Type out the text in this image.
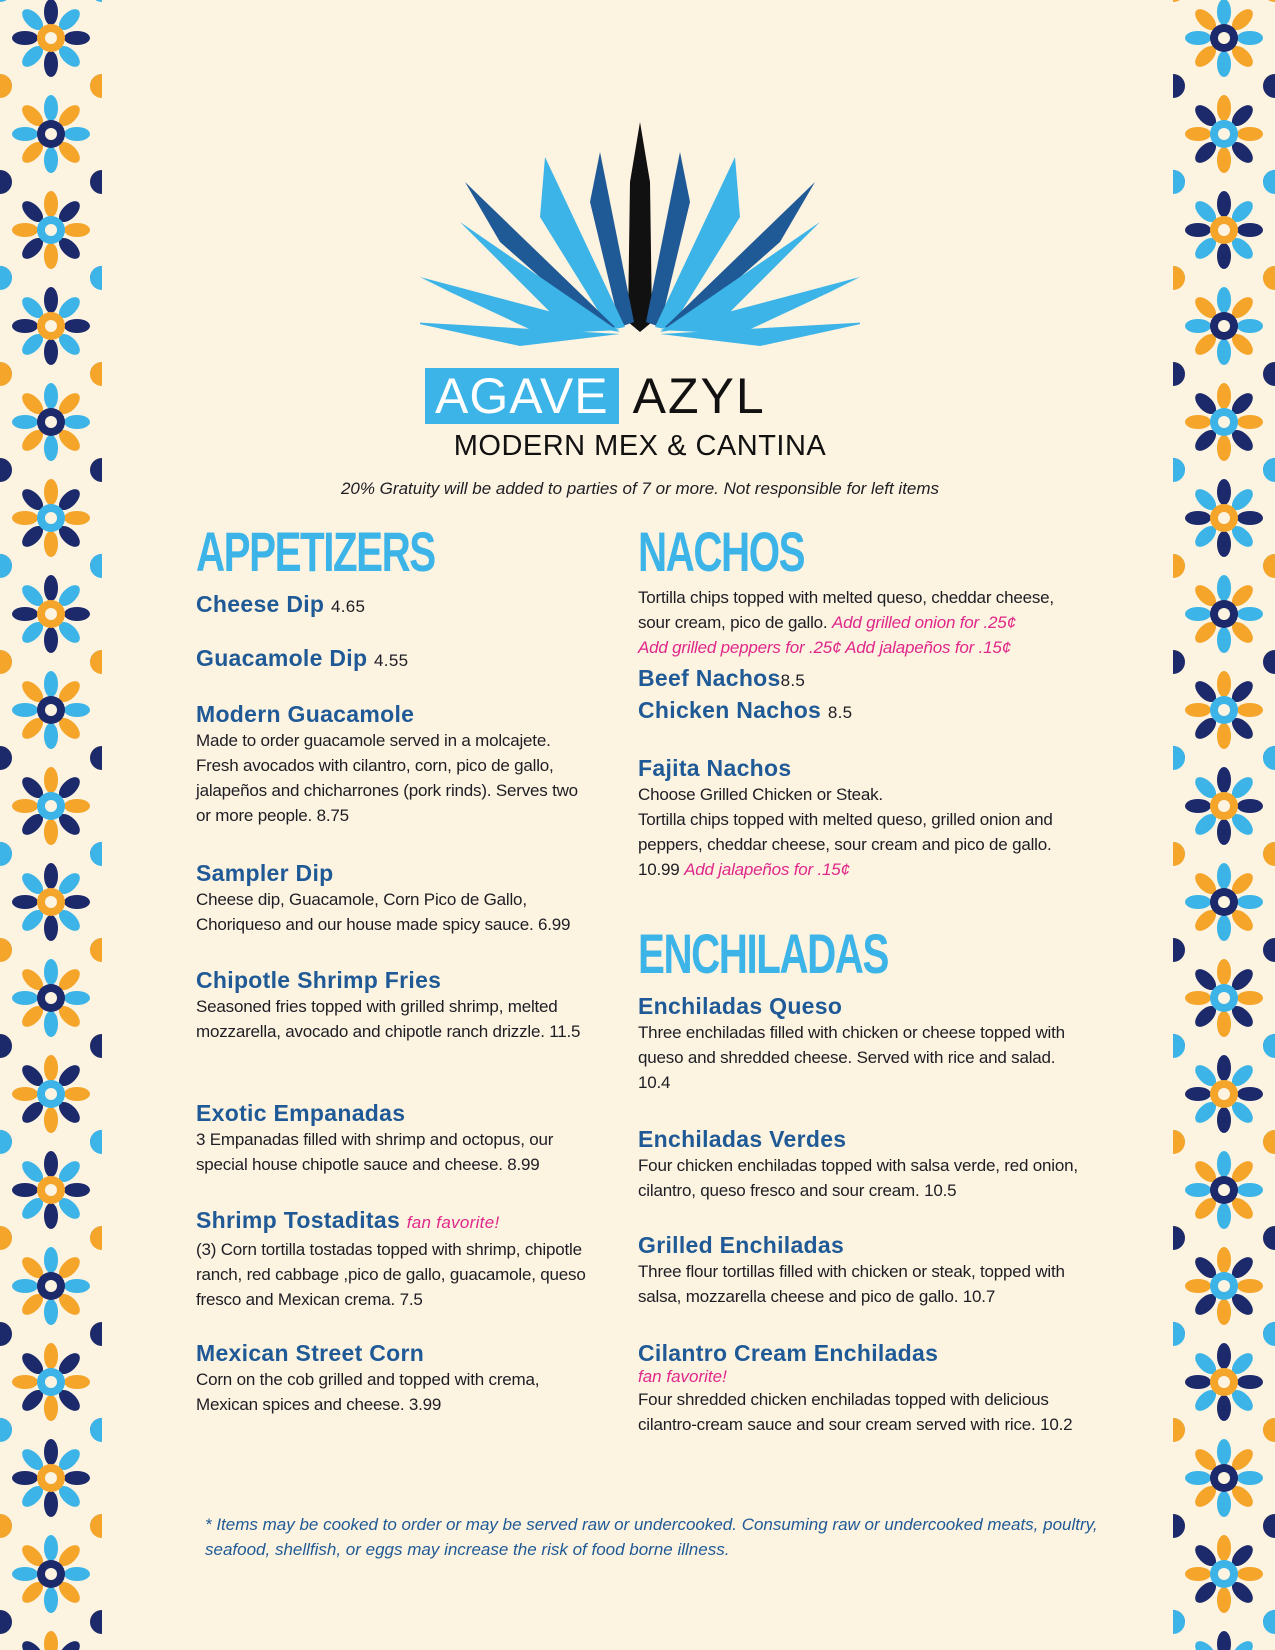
AGAVE AZYL
MODERN MEX & CANTINA
20% Gratuity will be added to parties of 7 or more. Not responsible for left items
APPETIZERS
Cheese Dip 4.65
Guacamole Dip 4.55
Modern Guacamole
Made to order guacamole served in a molcajete. Fresh avocados with cilantro, corn, pico de gallo, jalapeños and chicharrones (pork rinds). Serves two or more people. 8.75
Sampler Dip
Cheese dip, Guacamole, Corn Pico de Gallo, Choriqueso and our house made spicy sauce. 6.99
Chipotle Shrimp Fries
Seasoned fries topped with grilled shrimp, melted mozzarella, avocado and chipotle ranch drizzle. 11.5
Exotic Empanadas
3 Empanadas filled with shrimp and octopus, our special house chipotle sauce and cheese. 8.99
Shrimp Tostaditas fan favorite!
(3) Corn tortilla tostadas topped with shrimp, chipotle ranch, red cabbage ,pico de gallo, guacamole, queso fresco and Mexican crema. 7.5
Mexican Street Corn
Corn on the cob grilled and topped with crema, Mexican spices and cheese. 3.99
NACHOS
Tortilla chips topped with melted queso, cheddar cheese, sour cream, pico de gallo. Add grilled onion for .25¢
Add grilled peppers for .25¢ Add jalapeños for .15¢
Beef Nachos8.5
Chicken Nachos 8.5
Fajita Nachos
Choose Grilled Chicken or Steak.
Tortilla chips topped with melted queso, grilled onion and peppers, cheddar cheese, sour cream and pico de gallo.
10.99 Add jalapeños for .15¢
ENCHILADAS
Enchiladas Queso
Three enchiladas filled with chicken or cheese topped with queso and shredded cheese. Served with rice and salad. 10.4
Enchiladas Verdes
Four chicken enchiladas topped with salsa verde, red onion, cilantro, queso fresco and sour cream. 10.5
Grilled Enchiladas
Three flour tortillas filled with chicken or steak, topped with salsa, mozzarella cheese and pico de gallo. 10.7
Cilantro Cream Enchiladas
fan favorite!
Four shredded chicken enchiladas topped with delicious cilantro-cream sauce and sour cream served with rice. 10.2
* Items may be cooked to order or may be served raw or undercooked. Consuming raw or undercooked meats, poultry, seafood, shellfish, or eggs may increase the risk of food borne illness.
